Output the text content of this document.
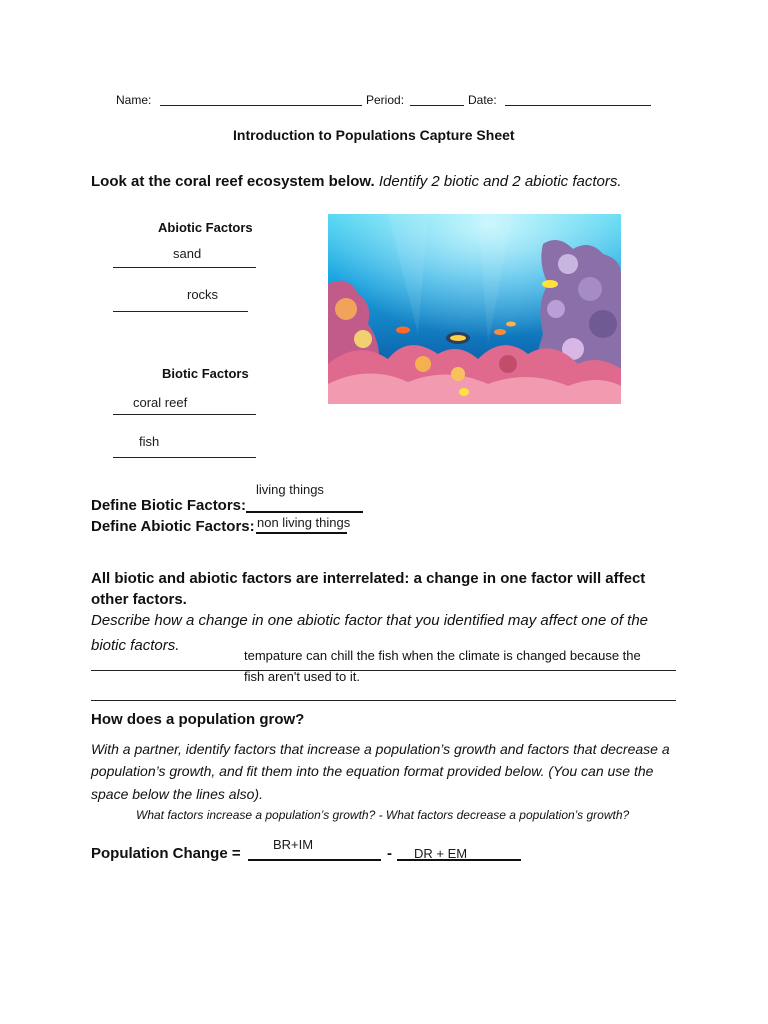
Name:	Period:	Date:
Introduction to Populations Capture Sheet
Look at the coral reef ecosystem below. Identify 2 biotic and 2 abiotic factors.
Abiotic Factors
sand
rocks
Biotic Factors
coral reef
fish
living things
Define Biotic Factors:
Define Abiotic Factors: non living things
All biotic and abiotic factors are interrelated: a change in one factor will affect
other factors.
Describe how a change in one abiotic factor that you identified may affect one of the
biotic factors.
tempature can chill the fish when the climate is changed because the
fish aren't used to it.
How does a population grow?
With a partner, identify factors that increase a population’s growth and factors that decrease a
population’s growth, and fit them into the equation format provided below. (You can use the
space below the lines also).
What factors increase a population’s growth? - What factors decrease a population’s growth?
Population Change =
BR+IM
- DR + EM
